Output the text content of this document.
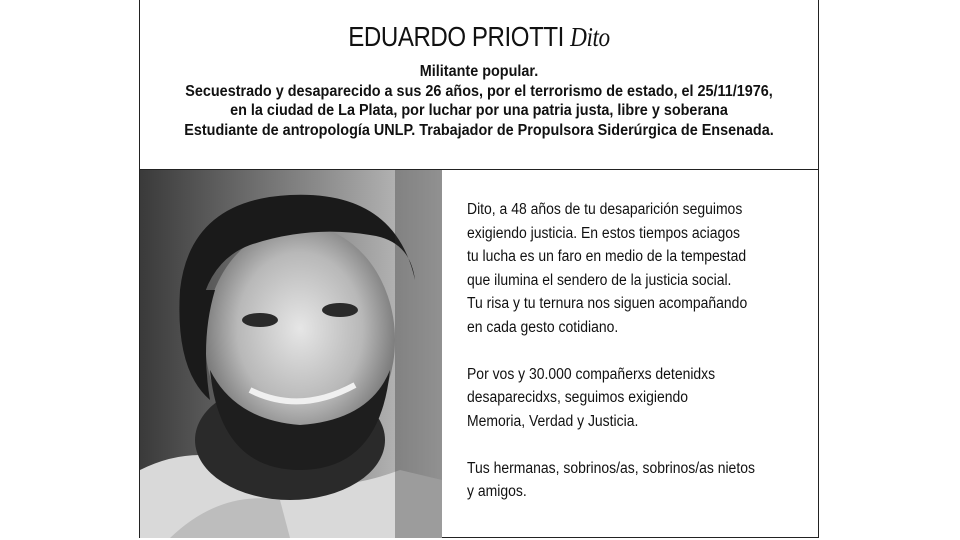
EDUARDO PRIOTTI Dito
Militante popular.
Secuestrado y desaparecido a sus 26 años, por el terrorismo de estado, el 25/11/1976,
en la ciudad de La Plata, por luchar por una patria justa, libre y soberana
Estudiante de antropología UNLP. Trabajador de Propulsora Siderúrgica de Ensenada.

Dito, a 48 años de tu desaparición seguimos
exigiendo justicia. En estos tiempos aciagos
tu lucha es un faro en medio de la tempestad
que ilumina el sendero de la justicia social.
Tu risa y tu ternura nos siguen acompañando
en cada gesto cotidiano.

Por vos y 30.000 compañerxs detenidxs
desaparecidxs, seguimos exigiendo
Memoria, Verdad y Justicia.

Tus hermanas, sobrinos/as, sobrinos/as nietos
y amigos.
